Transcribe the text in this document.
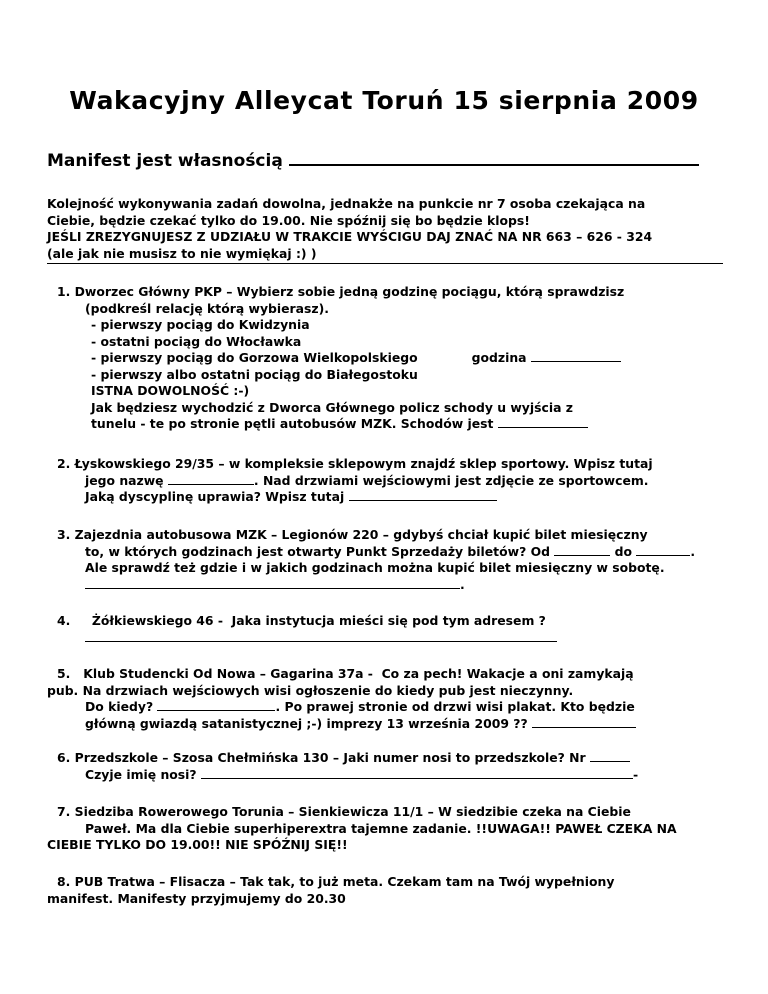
Wakacyjny Alleycat Toruń 15 sierpnia 2009
Manifest jest własnością

Kolejność wykonywania zadań dowolna, jednakże na punkcie nr 7 osoba czekająca na

Ciebie, będzie czekać tylko do 19.00. Nie spóźnij się bo będzie klops!

JEŚLI ZREZYGNUJESZ Z UDZIAŁU W TRAKCIE WYŚCIGU DAJ ZNAĆ NA NR 663 – 626 - 324

(ale jak nie musisz to nie wymiękaj :) )

1. Dworzec Główny PKP – Wybierz sobie jedną godzinę pociągu, którą sprawdzisz

(podkreśl relację którą wybierasz).

- pierwszy pociąg do Kwidzynia

- ostatni pociąg do Włocławka

- pierwszy pociąg do Gorzowa Wielkopolskiego	godzina

- pierwszy albo ostatni pociąg do Białegostoku

ISTNA DOWOLNOŚĆ :-)

Jak będziesz wychodzić z Dworca Głównego policz schody u wyjścia z

tunelu - te po stronie pętli autobusów MZK. Schodów jest

2. Łyskowskiego 29/35 – w kompleksie sklepowym znajdź sklep sportowy. Wpisz tutaj

jego nazwę	. Nad drzwiami wejściowymi jest zdjęcie ze sportowcem.

Jaką dyscyplinę uprawia? Wpisz tutaj

3. Zajezdnia autobusowa MZK – Legionów 220 – gdybyś chciał kupić bilet miesięczny

to, w których godzinach jest otwarty Punkt Sprzedaży biletów? Od	do	.

Ale sprawdź też gdzie i w jakich godzinach można kupić bilet miesięczny w sobotę.

.

4.     Żółkiewskiego 46 -  Jaka instytucja mieści się pod tym adresem ?

5.   Klub Studencki Od Nowa – Gagarina 37a -  Co za pech! Wakacje a oni zamykają

pub. Na drzwiach wejściowych wisi ogłoszenie do kiedy pub jest nieczynny.

Do kiedy?	. Po prawej stronie od drzwi wisi plakat. Kto będzie

główną gwiazdą satanistycznej ;-) imprezy 13 września 2009 ??

6. Przedszkole – Szosa Chełmińska 130 – Jaki numer nosi to przedszkole? Nr

Czyje imię nosi?	-

7. Siedziba Rowerowego Torunia – Sienkiewicza 11/1 – W siedzibie czeka na Ciebie

Paweł. Ma dla Ciebie superhiperextra tajemne zadanie. !!UWAGA!! PAWEŁ CZEKA NA

CIEBIE TYLKO DO 19.00!! NIE SPÓŹNIJ SIĘ!!

8. PUB Tratwa – Flisacza – Tak tak, to już meta. Czekam tam na Twój wypełniony

manifest. Manifesty przyjmujemy do 20.30
